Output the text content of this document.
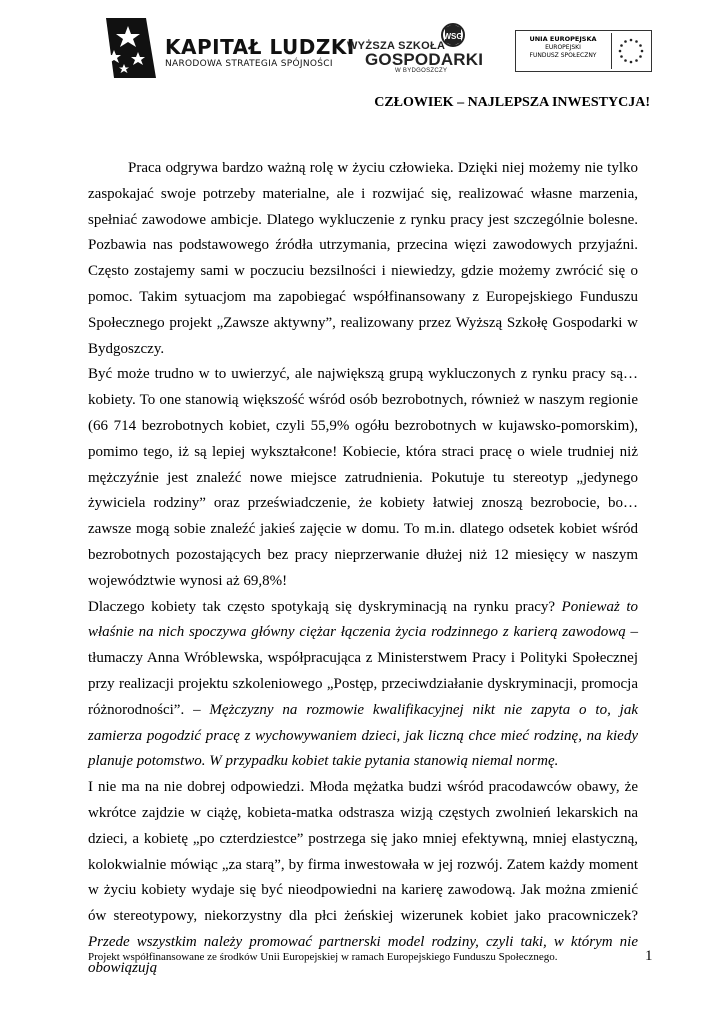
KAPITAŁ LUDZKI
NARODOWA STRATEGIA SPÓJNOŚCI
WSG
WYŻSZA SZKOŁA
GOSPODARKI
W BYDGOSZCZY
UNIA EUROPEJSKA
EUROPEJSKI
FUNDUSZ SPOŁECZNY
CZŁOWIEK – NAJLEPSZA INWESTYCJA!

Praca odgrywa bardzo ważną rolę w życiu człowieka. Dzięki niej możemy nie tylko zaspokajać swoje potrzeby materialne, ale i rozwijać się, realizować własne marzenia, spełniać zawodowe ambicje. Dlatego wykluczenie z rynku pracy jest szczególnie bolesne. Pozbawia nas podstawowego źródła utrzymania, przecina więzi zawodowych przyjaźni. Często zostajemy sami w poczuciu bezsilności i niewiedzy, gdzie możemy zwrócić się o pomoc. Takim sytuacjom ma zapobiegać współfinansowany z Europejskiego Funduszu Społecznego projekt „Zawsze aktywny”, realizowany przez Wyższą Szkołę Gospodarki w Bydgoszczy.

Być może trudno w to uwierzyć, ale największą grupą wykluczonych z rynku pracy są… kobiety. To one stanowią większość wśród osób bezrobotnych, również w naszym regionie (66 714 bezrobotnych kobiet, czyli 55,9% ogółu bezrobotnych w kujawsko-pomorskim), pomimo tego, iż są lepiej wykształcone! Kobiecie, która straci pracę o wiele trudniej niż mężczyźnie jest znaleźć nowe miejsce zatrudnienia. Pokutuje tu stereotyp „jedynego żywiciela rodziny” oraz przeświadczenie, że kobiety łatwiej znoszą bezrobocie, bo… zawsze mogą sobie znaleźć jakieś zajęcie w domu. To m.in. dlatego odsetek kobiet wśród bezrobotnych pozostających bez pracy nieprzerwanie dłużej niż 12 miesięcy w naszym województwie wynosi aż 69,8%!

Dlaczego kobiety tak często spotykają się dyskryminacją na rynku pracy? Ponieważ to właśnie na nich spoczywa główny ciężar łączenia życia rodzinnego z karierą zawodową – tłumaczy Anna Wróblewska, współpracująca z Ministerstwem Pracy i Polityki Społecznej przy realizacji projektu szkoleniowego „Postęp, przeciwdziałanie dyskryminacji, promocja różnorodności”. – Mężczyzny na rozmowie kwalifikacyjnej nikt nie zapyta o to, jak zamierza pogodzić pracę z wychowywaniem dzieci, jak liczną chce mieć rodzinę, na kiedy planuje potomstwo. W przypadku kobiet takie pytania stanowią niemal normę.

I nie ma na nie dobrej odpowiedzi. Młoda mężatka budzi wśród pracodawców obawy, że wkrótce zajdzie w ciążę, kobieta-matka odstrasza wizją częstych zwolnień lekarskich na dzieci, a kobietę „po czterdziestce” postrzega się jako mniej efektywną, mniej elastyczną, kolokwialnie mówiąc „za starą”, by firma inwestowała w jej rozwój. Zatem każdy moment w życiu kobiety wydaje się być nieodpowiedni na karierę zawodową. Jak można zmienić ów stereotypowy, niekorzystny dla płci żeńskiej wizerunek kobiet jako pracowniczek? Przede wszystkim należy promować partnerski model rodziny, czyli taki, w którym nie obowiązują

Projekt współfinansowane ze środków Unii Europejskiej w ramach Europejskiego Funduszu Społecznego.	1
